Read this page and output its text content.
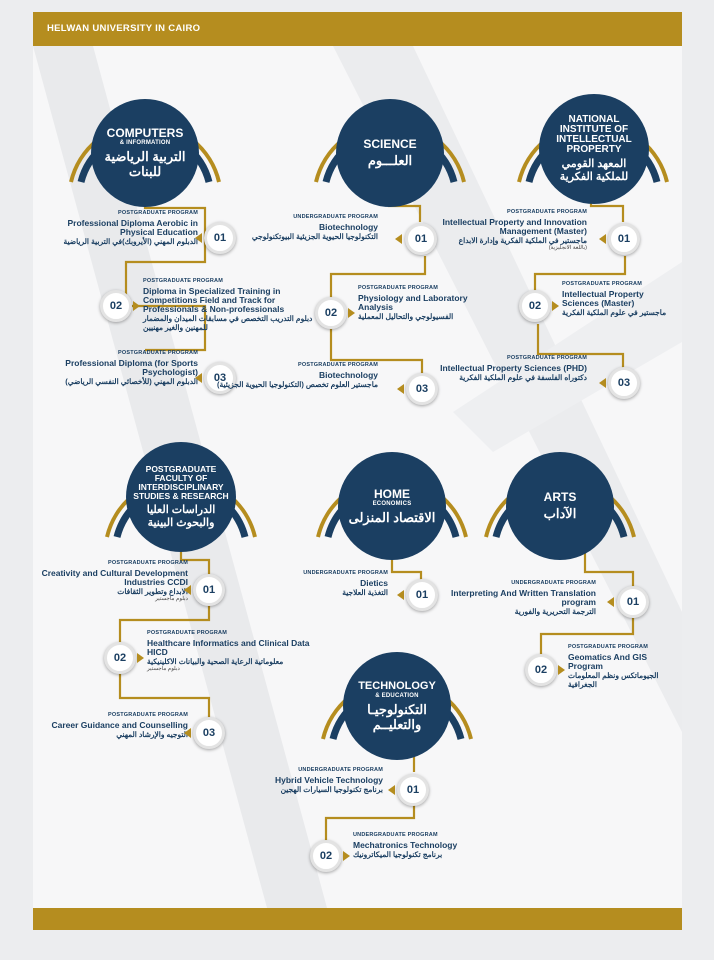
HELWAN UNIVERSITY IN CAIRO
COMPUTERS
& INFORMATION
التربية الرياضية للبنات
POSTGRADUATE PROGRAM
Professional Diploma Aerobic in Physical Education
الدبلوم المهني (الأيروبك)في التربية الرياضية	01
02
POSTGRADUATE PROGRAM
Diploma in Specialized Training in Competitions Field and Track for Professionals & Non-professionals
دبلوم التدريب التخصص في مسابقات الميدان والمضمار للمهنين والغير مهنيين
POSTGRADUATE PROGRAM
Professional Diploma (for Sports Psychologist)
الدبلوم المهني (للأخصائي النفسي الرياضي)	03
SCIENCE
العلـــوم
UNDERGRADUATE PROGRAM
Biotechnology
التكنولوجيا الحيوية الجزيئية البيوتكنولوجي	01
02
POSTGRADUATE PROGRAM
Physiology and Laboratory Analysis
الفسيولوجي والتحاليل المعملية
POSTGRADUATE PROGRAM
Biotechnology
ماجستير العلوم تخصص (التكنولوجيا الحيوية الجزيئية)	03
NATIONAL INSTITUTE OF INTELLECTUAL PROPERTY
المعهد القومي للملكية الفكرية
POSTGRADUATE PROGRAM
Intellectual Property and Innovation Management (Master)
ماجستير في الملكية الفكرية وإدارة الابداع
(باللغة الانجليزية)
01
02
POSTGRADUATE PROGRAM
Intellectual Property Sciences (Master)
ماجستير في علوم الملكية الفكرية
POSTGRADUATE PROGRAM
Intellectual Property Sciences (PHD)
دكتوراه الفلسفة في علوم الملكية الفكرية	03
POSTGRADUATE FACULTY OF INTERDISCIPLINARY STUDIES & RESEARCH
الدراسات العليا والبحوث البينية
POSTGRADUATE PROGRAM
Creativity and Cultural Development Industries CCDI
الابداع وتطوير الثقافات
دبلوم ماجستير
01
02
POSTGRADUATE PROGRAM
Healthcare Informatics and Clinical Data HICD
معلوماتية الرعاية الصحية والبيانات الاكلينيكية
دبلوم ماجستير
POSTGRADUATE PROGRAM
Career Guidance and Counselling
التوجيه والإرشاد المهني	03
HOME
ECONOMICS
الاقتصاد المنزلى
UNDERGRADUATE PROGRAM
Dietics
التغذية العلاجية	01
ARTS
الآداب
UNDERGRADUATE PROGRAM
Interpreting And Written Translation program
الترجمة التحريرية والفورية
01
02
POSTGRADUATE PROGRAM
Geomatics And GIS Program
الجيوماتكس ونظم المعلومات الجغرافية
TECHNOLOGY
& EDUCATION
التكنولوجيـا والتعليــم
UNDERGRADUATE PROGRAM
Hybrid Vehicle Technology
برنامج تكنولوجيا السيارات الهجين	01
02
UNDERGRADUATE PROGRAM
Mechatronics Technology
برنامج تكنولوجيا الميكاترونيك
